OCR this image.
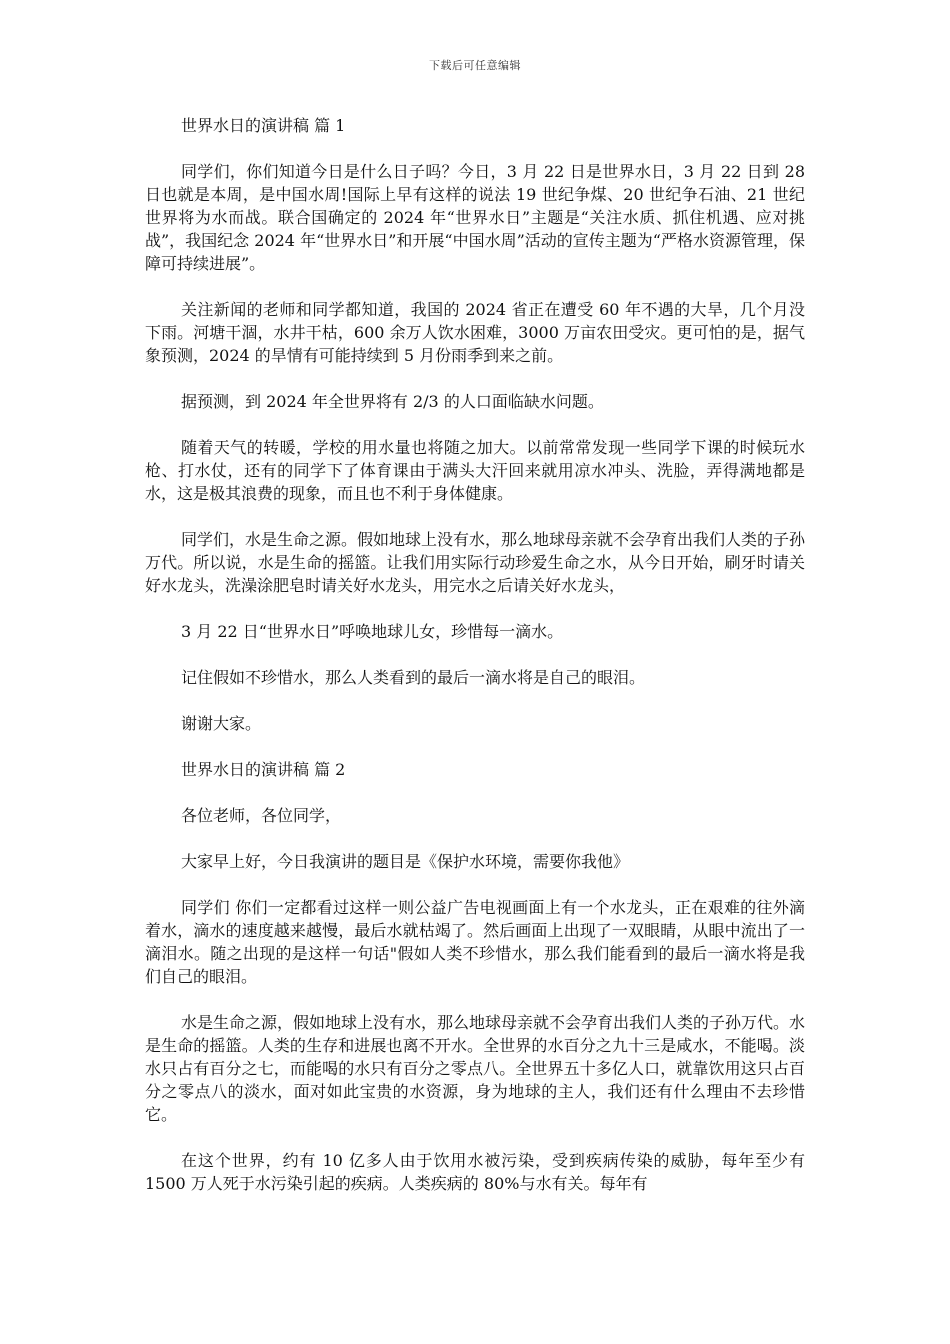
下载后可任意编辑

世界水日的演讲稿 篇 1

同学们，你们知道今日是什么日子吗？今日，3 月 22 日是世界水日，3 月 22 日到 28 日也就是本周，是中国水周!国际上早有这样的说法 19 世纪争煤、20 世纪争石油、21 世纪世界将为水而战。联合国确定的 2024 年“世界水日”主题是“关注水质、抓住机遇、应对挑战”，我国纪念 2024 年“世界水日”和开展“中国水周”活动的宣传主题为“严格水资源管理，保障可持续进展”。

关注新闻的老师和同学都知道，我国的 2024 省正在遭受 60 年不遇的大旱，几个月没下雨。河塘干涸，水井干枯，600 余万人饮水困难，3000 万亩农田受灾。更可怕的是，据气象预测，2024 的旱情有可能持续到 5 月份雨季到来之前。

据预测，到 2024 年全世界将有 2/3 的人口面临缺水问题。

随着天气的转暖，学校的用水量也将随之加大。以前常常发现一些同学下课的时候玩水枪、打水仗，还有的同学下了体育课由于满头大汗回来就用凉水冲头、洗脸，弄得满地都是水，这是极其浪费的现象，而且也不利于身体健康。

同学们，水是生命之源。假如地球上没有水，那么地球母亲就不会孕育出我们人类的子孙万代。所以说，水是生命的摇篮。让我们用实际行动珍爱生命之水，从今日开始，刷牙时请关好水龙头，洗澡涂肥皂时请关好水龙头，用完水之后请关好水龙头，

3 月 22 日“世界水日”呼唤地球儿女，珍惜每一滴水。

记住假如不珍惜水，那么人类看到的最后一滴水将是自己的眼泪。

谢谢大家。

世界水日的演讲稿 篇 2

各位老师，各位同学，

大家早上好，今日我演讲的题目是《保护水环境，需要你我他》

同学们 你们一定都看过这样一则公益广告电视画面上有一个水龙头，正在艰难的往外滴着水，滴水的速度越来越慢，最后水就枯竭了。然后画面上出现了一双眼睛，从眼中流出了一滴泪水。随之出现的是这样一句话"假如人类不珍惜水，那么我们能看到的最后一滴水将是我们自己的眼泪。

水是生命之源，假如地球上没有水，那么地球母亲就不会孕育出我们人类的子孙万代。水是生命的摇篮。人类的生存和进展也离不开水。全世界的水百分之九十三是咸水，不能喝。淡水只占有百分之七，而能喝的水只有百分之零点八。全世界五十多亿人口，就靠饮用这只占百分之零点八的淡水，面对如此宝贵的水资源，身为地球的主人，我们还有什么理由不去珍惜它。

在这个世界，约有 10 亿多人由于饮用水被污染，受到疾病传染的威胁，每年至少有 1500 万人死于水污染引起的疾病。人类疾病的 80%与水有关。每年有
